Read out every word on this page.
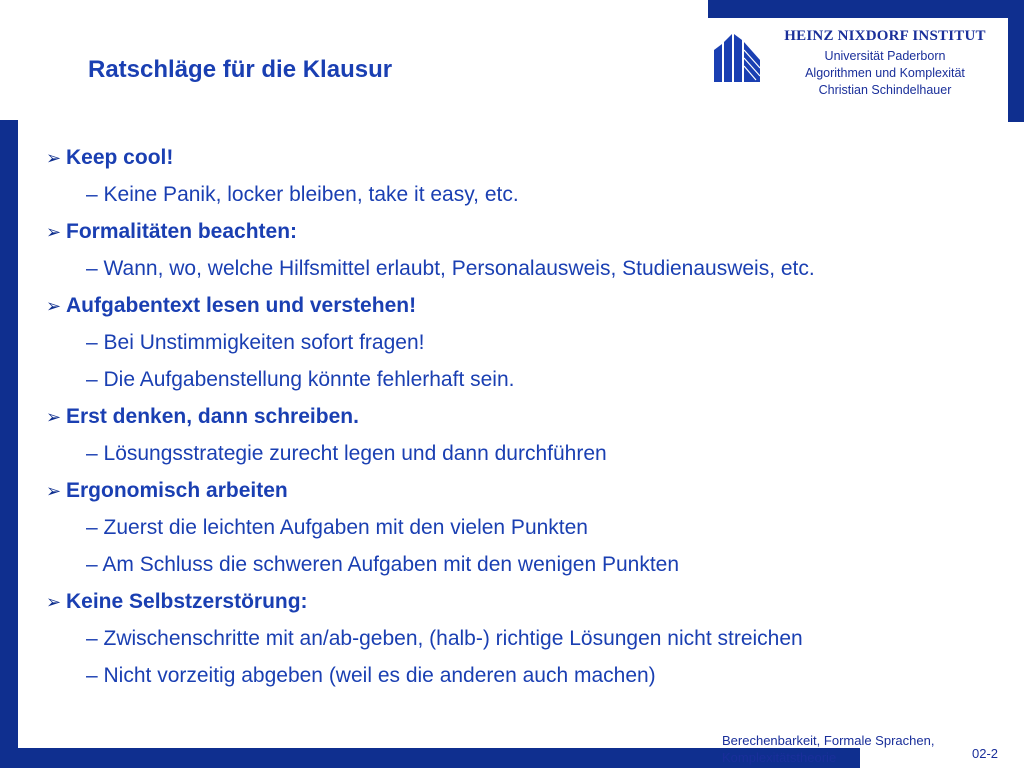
Ratschläge für die Klausur
HEINZ NIXDORF INSTITUT
Universität Paderborn
Algorithmen und Komplexität
Christian Schindelhauer
➢ Keep cool!
– Keine Panik, locker bleiben, take it easy, etc.
➢ Formalitäten beachten:
– Wann, wo, welche Hilfsmittel erlaubt, Personalausweis, Studienausweis, etc.
➢ Aufgabentext lesen und verstehen!
– Bei Unstimmigkeiten sofort fragen!
– Die Aufgabenstellung könnte fehlerhaft sein.
➢ Erst denken, dann schreiben.
– Lösungsstrategie zurecht legen und dann durchführen
➢ Ergonomisch arbeiten
– Zuerst die leichten Aufgaben mit den vielen Punkten
– Am Schluss die schweren Aufgaben mit den wenigen Punkten
➢ Keine Selbstzerstörung:
– Zwischenschritte mit an/ab-geben, (halb-) richtige Lösungen nicht streichen
– Nicht vorzeitig abgeben (weil es die anderen auch machen)
Berechenbarkeit, Formale Sprachen,
Komplexitätstheorie	02-2
